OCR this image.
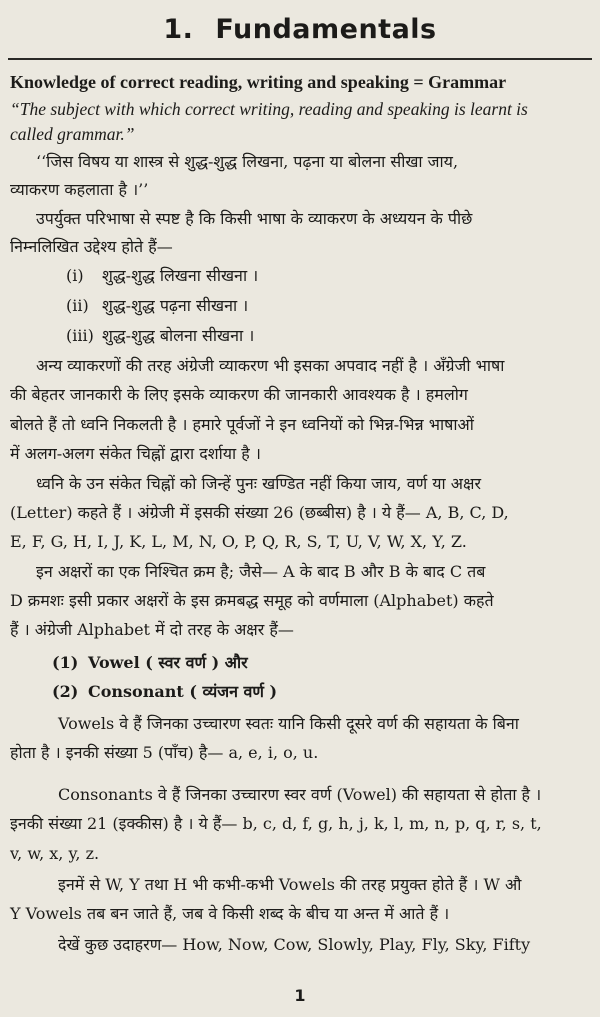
1. Fundamentals
Knowledge of correct reading, writing and speaking = Grammar
“The subject with which correct writing, reading and speaking is learnt is
called grammar.”
‘‘जिस विषय या शास्त्र से शुद्ध-शुद्ध लिखना, पढ़ना या बोलना सीखा जाय,
व्याकरण कहलाता है ।’’
उपर्युक्त परिभाषा से स्पष्ट है कि किसी भाषा के व्याकरण के अध्ययन के पीछे
निम्नलिखित उद्देश्य होते हैं—
(i) शुद्ध-शुद्ध लिखना सीखना ।
(ii) शुद्ध-शुद्ध पढ़ना सीखना ।
(iii) शुद्ध-शुद्ध बोलना सीखना ।
अन्य व्याकरणों की तरह अंग्रेजी व्याकरण भी इसका अपवाद नहीं है । अँग्रेजी भाषा
की बेहतर जानकारी के लिए इसके व्याकरण की जानकारी आवश्यक है । हमलोग
बोलते हैं तो ध्वनि निकलती है । हमारे पूर्वजों ने इन ध्वनियों को भिन्न-भिन्न भाषाओं
में अलग-अलग संकेत चिह्नों द्वारा दर्शाया है ।
ध्वनि के उन संकेत चिह्नों को जिन्हें पुनः खण्डित नहीं किया जाय, वर्ण या अक्षर
(Letter) कहते हैं । अंग्रेजी में इसकी संख्या 26 (छब्बीस) है । ये हैं— A, B, C, D,
E, F, G, H, I, J, K, L, M, N, O, P, Q, R, S, T, U, V, W, X, Y, Z.
इन अक्षरों का एक निश्चित क्रम है; जैसे— A के बाद B और B के बाद C तब
D क्रमशः इसी प्रकार अक्षरों के इस क्रमबद्ध समूह को वर्णमाला (Alphabet) कहते
हैं । अंग्रेजी Alphabet में दो तरह के अक्षर हैं—
(1) Vowel ( स्वर वर्ण ) और
(2) Consonant ( व्यंजन वर्ण )
Vowels वे हैं जिनका उच्चारण स्वतः यानि किसी दूसरे वर्ण की सहायता के बिना
होता है । इनकी संख्या 5 (पाँच) है— a, e, i, o, u.
Consonants वे हैं जिनका उच्चारण स्वर वर्ण (Vowel) की सहायता से होता है ।
इनकी संख्या 21 (इक्कीस) है । ये हैं— b, c, d, f, g, h, j, k, l, m, n, p, q, r, s, t,
v, w, x, y, z.
इनमें से W, Y तथा H भी कभी-कभी Vowels की तरह प्रयुक्त होते हैं । W औ
Y Vowels तब बन जाते हैं, जब वे किसी शब्द के बीच या अन्त में आते हैं ।
देखें कुछ उदाहरण— How, Now, Cow, Slowly, Play, Fly, Sky, Fifty
1
